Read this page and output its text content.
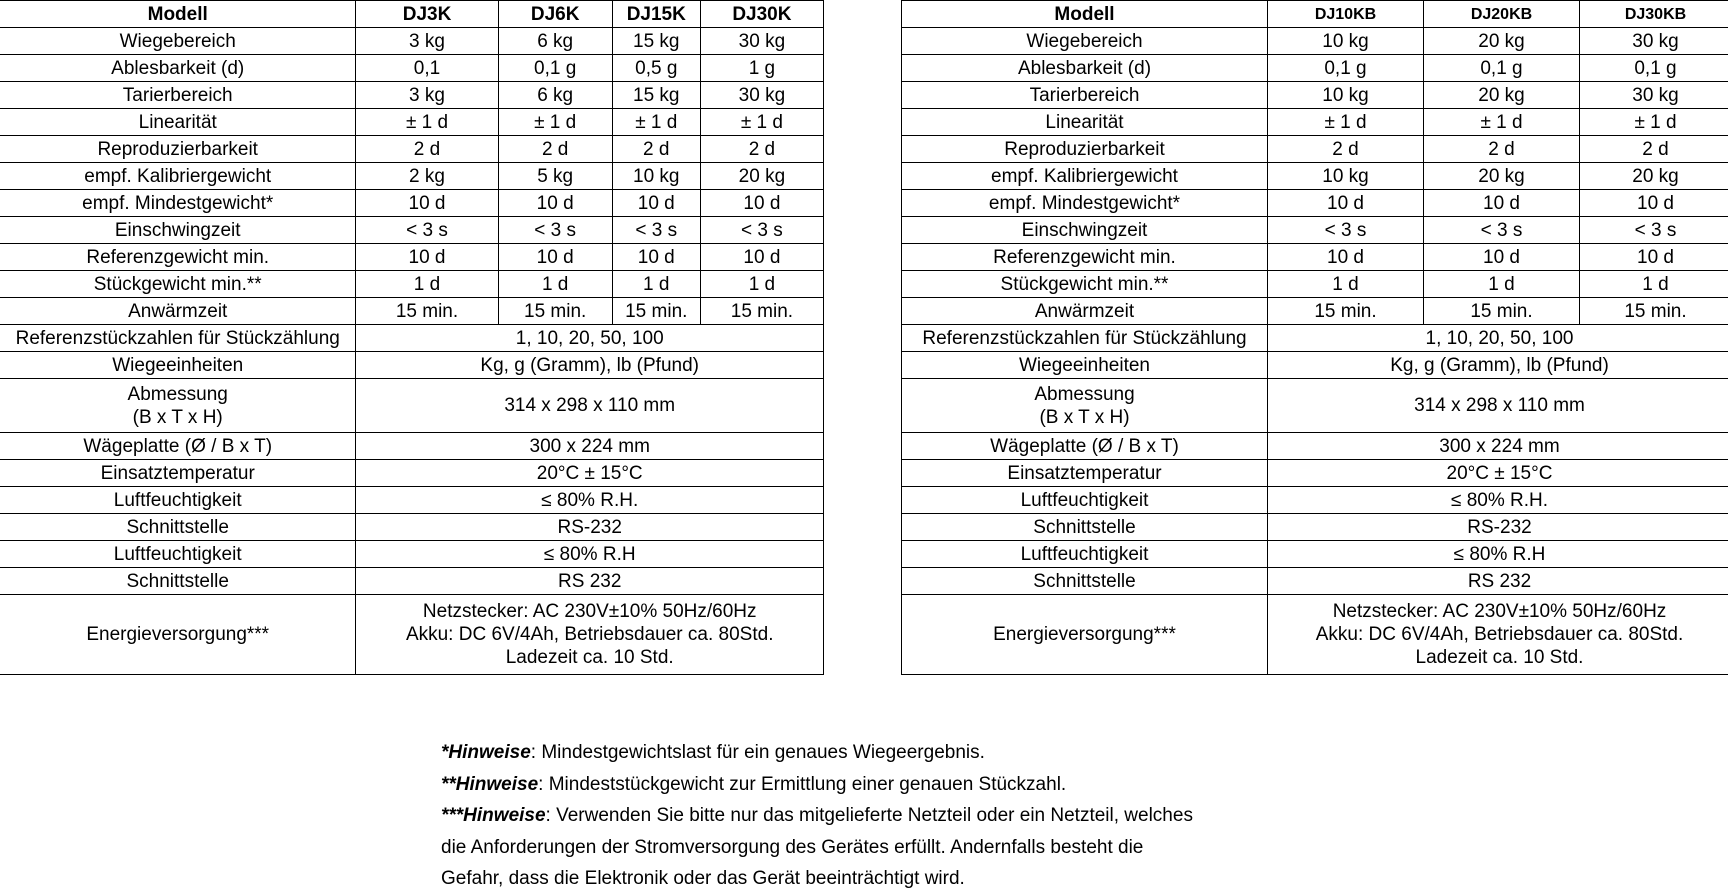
Modell	DJ3K	DJ6K	DJ15K	DJ30K
Wiegebereich	3 kg	6 kg	15 kg	30 kg
Ablesbarkeit (d)	0,1	0,1 g	0,5 g	1 g
Tarierbereich	3 kg	6 kg	15 kg	30 kg
Linearität	± 1 d	± 1 d	± 1 d	± 1 d
Reproduzierbarkeit	2 d	2 d	2 d	2 d
empf. Kalibriergewicht	2 kg	5 kg	10 kg	20 kg
empf. Mindestgewicht*	10 d	10 d	10 d	10 d
Einschwingzeit	< 3 s	< 3 s	< 3 s	< 3 s
Referenzgewicht min.	10 d	10 d	10 d	10 d
Stückgewicht min.**	1 d	1 d	1 d	1 d
Anwärmzeit	15 min.	15 min.	15 min.	15 min.
Referenzstückzahlen für Stückzählung	1, 10, 20, 50, 100			
Wiegeeinheiten	Kg, g (Gramm), lb (Pfund)			
Abmessung
(B x T x H)	314 x 298 x 110 mm			
Wägeplatte (Ø / B x T)	300 x 224 mm			
Einsatztemperatur	20°C ± 15°C			
Luftfeuchtigkeit	≤ 80% R.H.			
Schnittstelle	RS-232			
Luftfeuchtigkeit	≤ 80% R.H			
Schnittstelle	RS 232			
Energieversorgung***	Netzstecker: AC 230V±10% 50Hz/60Hz
Akku: DC 6V/4Ah, Betriebsdauer ca. 80Std.
Ladezeit ca. 10 Std.			
Modell	DJ10KB	DJ20KB	DJ30KB
Wiegebereich	10 kg	20 kg	30 kg
Ablesbarkeit (d)	0,1 g	0,1 g	0,1 g
Tarierbereich	10 kg	20 kg	30 kg
Linearität	± 1 d	± 1 d	± 1 d
Reproduzierbarkeit	2 d	2 d	2 d
empf. Kalibriergewicht	10 kg	20 kg	20 kg
empf. Mindestgewicht*	10 d	10 d	10 d
Einschwingzeit	< 3 s	< 3 s	< 3 s
Referenzgewicht min.	10 d	10 d	10 d
Stückgewicht min.**	1 d	1 d	1 d
Anwärmzeit	15 min.	15 min.	15 min.
Referenzstückzahlen für Stückzählung	1, 10, 20, 50, 100		
Wiegeeinheiten	Kg, g (Gramm), lb (Pfund)		
Abmessung
(B x T x H)	314 x 298 x 110 mm		
Wägeplatte (Ø / B x T)	300 x 224 mm		
Einsatztemperatur	20°C ± 15°C		
Luftfeuchtigkeit	≤ 80% R.H.		
Schnittstelle	RS-232		
Luftfeuchtigkeit	≤ 80% R.H		
Schnittstelle	RS 232		
Energieversorgung***	Netzstecker: AC 230V±10% 50Hz/60Hz
Akku: DC 6V/4Ah, Betriebsdauer ca. 80Std.
Ladezeit ca. 10 Std.		

*Hinweise: Mindestgewichtslast für ein genaues Wiegeergebnis.

**Hinweise: Mindeststückgewicht zur Ermittlung einer genauen Stückzahl.

***Hinweise: Verwenden Sie bitte nur das mitgelieferte Netzteil oder ein Netzteil, welches

die Anforderungen der Stromversorgung des Gerätes erfüllt. Andernfalls besteht die

Gefahr, dass die Elektronik oder das Gerät beeinträchtigt wird.
